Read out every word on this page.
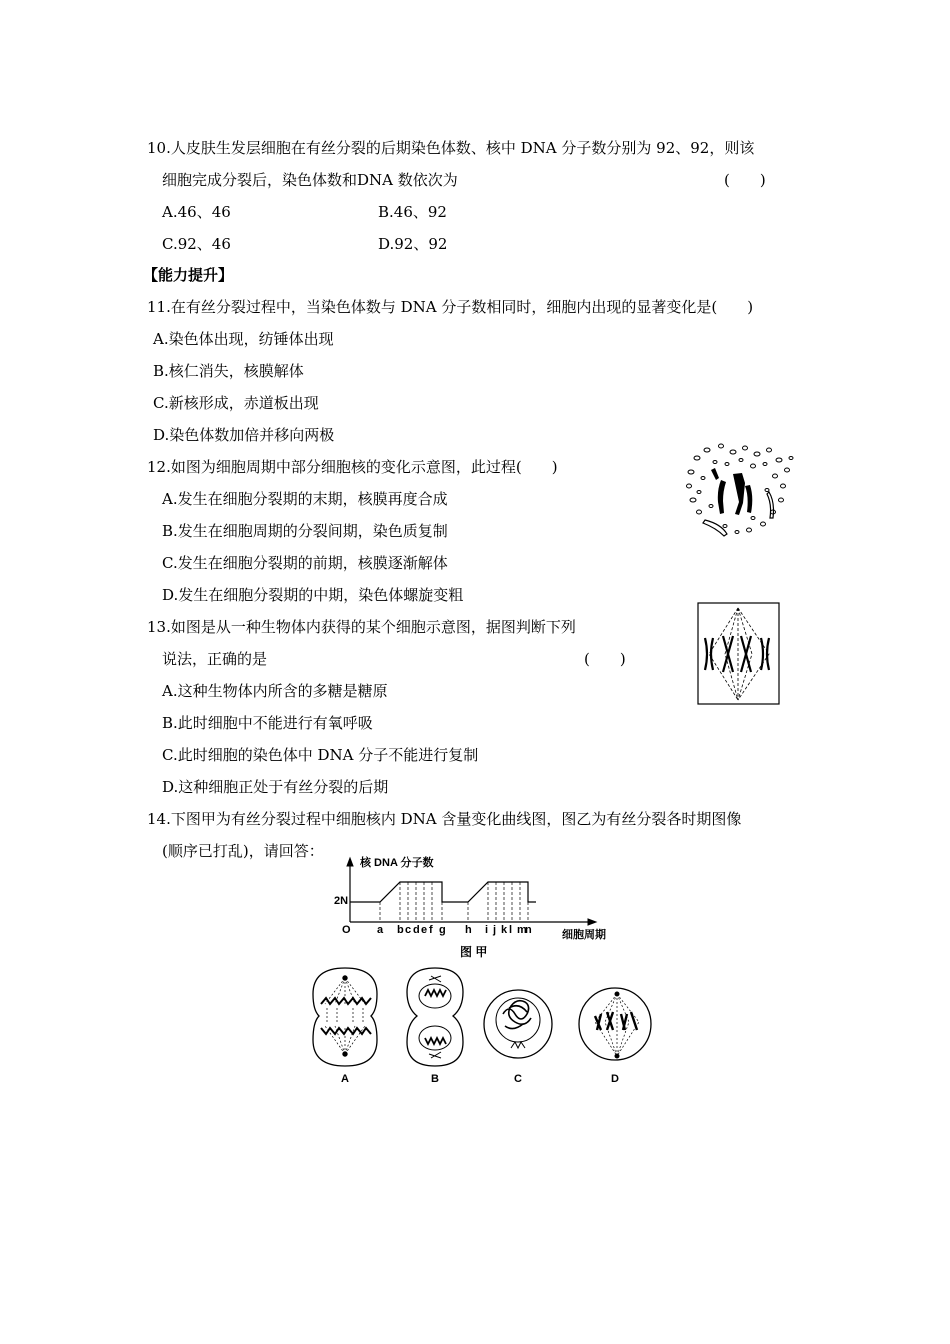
10.人皮肤生发层细胞在有丝分裂的后期染色体数、核中 DNA 分子数分别为 92、92，则该
细胞完成分裂后，染色体数和DNA 数依次为	(　　)
A.46、46	B.46、92
C.92、46	D.92、92
【能力提升】
11.在有丝分裂过程中，当染色体数与 DNA 分子数相同时，细胞内出现的显著变化是(　　)
A.染色体出现，纺锤体出现
B.核仁消失，核膜解体
C.新核形成，赤道板出现
D.染色体数加倍并移向两极
12.如图为细胞周期中部分细胞核的变化示意图，此过程(　　)
A.发生在细胞分裂期的末期，核膜再度合成
B.发生在细胞周期的分裂间期，染色质复制
C.发生在细胞分裂期的前期，核膜逐渐解体
D.发生在细胞分裂期的中期，染色体螺旋变粗
13.如图是从一种生物体内获得的某个细胞示意图，据图判断下列
说法，正确的是	(　　)
A.这种生物体内所含的多糖是糖原
B.此时细胞中不能进行有氧呼吸
C.此时细胞的染色体中 DNA 分子不能进行复制
D.这种细胞正处于有丝分裂的后期
14.下图甲为有丝分裂过程中细胞核内 DNA 含量变化曲线图，图乙为有丝分裂各时期图像
(顺序已打乱)，请回答：
核 DNA 分子数
2N
O	细胞周期
a b c d e f g h i j k l m
n
图 甲
A	B	C	D
